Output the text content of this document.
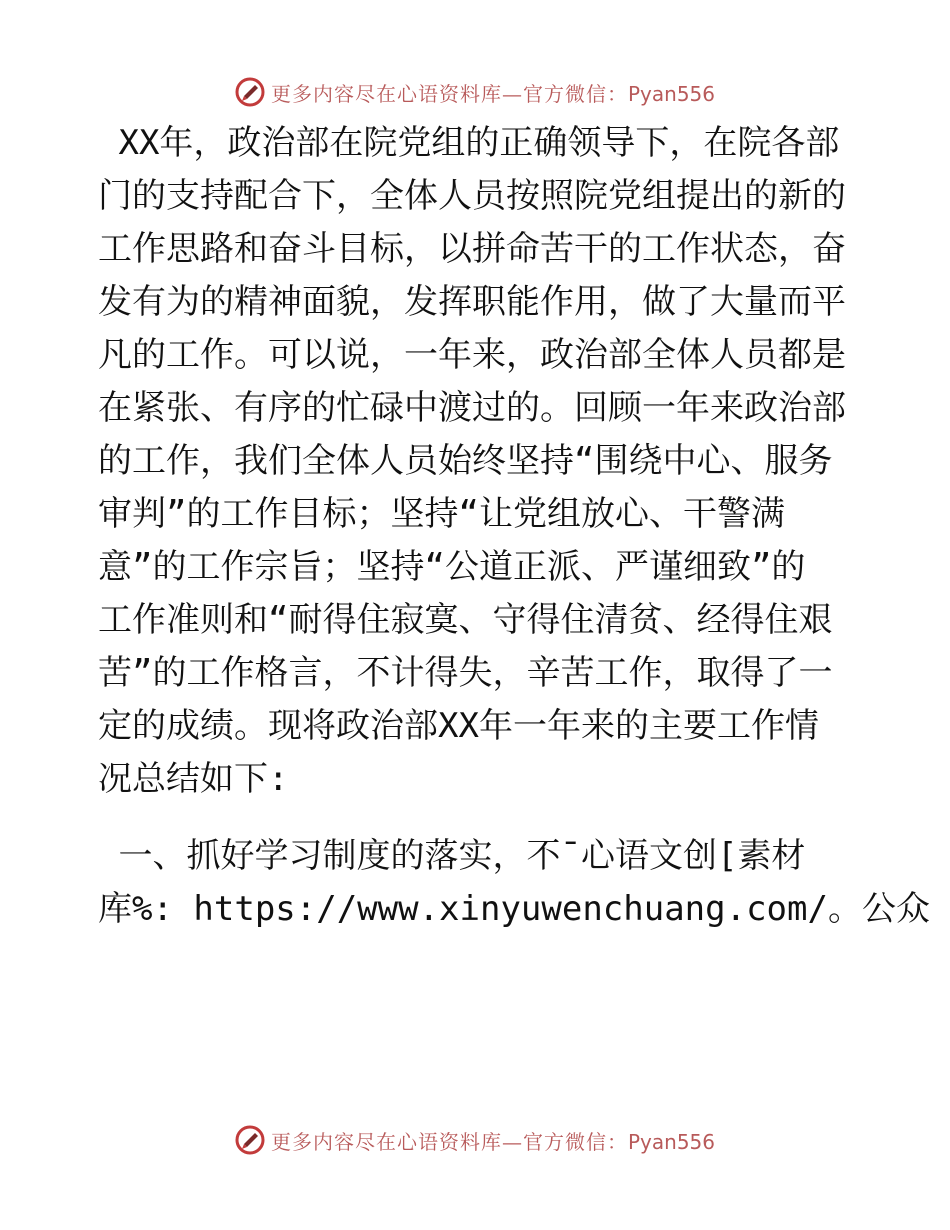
更多内容尽在心语资料库—官方微信：Pyan556
XX年，政治部在院党组的正确领导下，在院各部
门的支持配合下，全体人员按照院党组提出的新的
工作思路和奋斗目标，以拼命苦干的工作状态，奋
发有为的精神面貌，发挥职能作用，做了大量而平
凡的工作。可以说，一年来，政治部全体人员都是
在紧张、有序的忙碌中渡过的。回顾一年来政治部
的工作，我们全体人员始终坚持“围绕中心、服务
审判”的工作目标；坚持“让党组放心、干警满
意”的工作宗旨；坚持“公道正派、严谨细致”的
工作准则和“耐得住寂寞、守得住清贫、经得住艰
苦”的工作格言，不计得失，辛苦工作，取得了一
定的成绩。现将政治部XX年一年来的主要工作情
况总结如下:
一、抓好学习制度的落实，不¯心语文创[素材
库%: https://www.xinyuwenchuang.com/。公众
更多内容尽在心语资料库—官方微信：Pyan556
